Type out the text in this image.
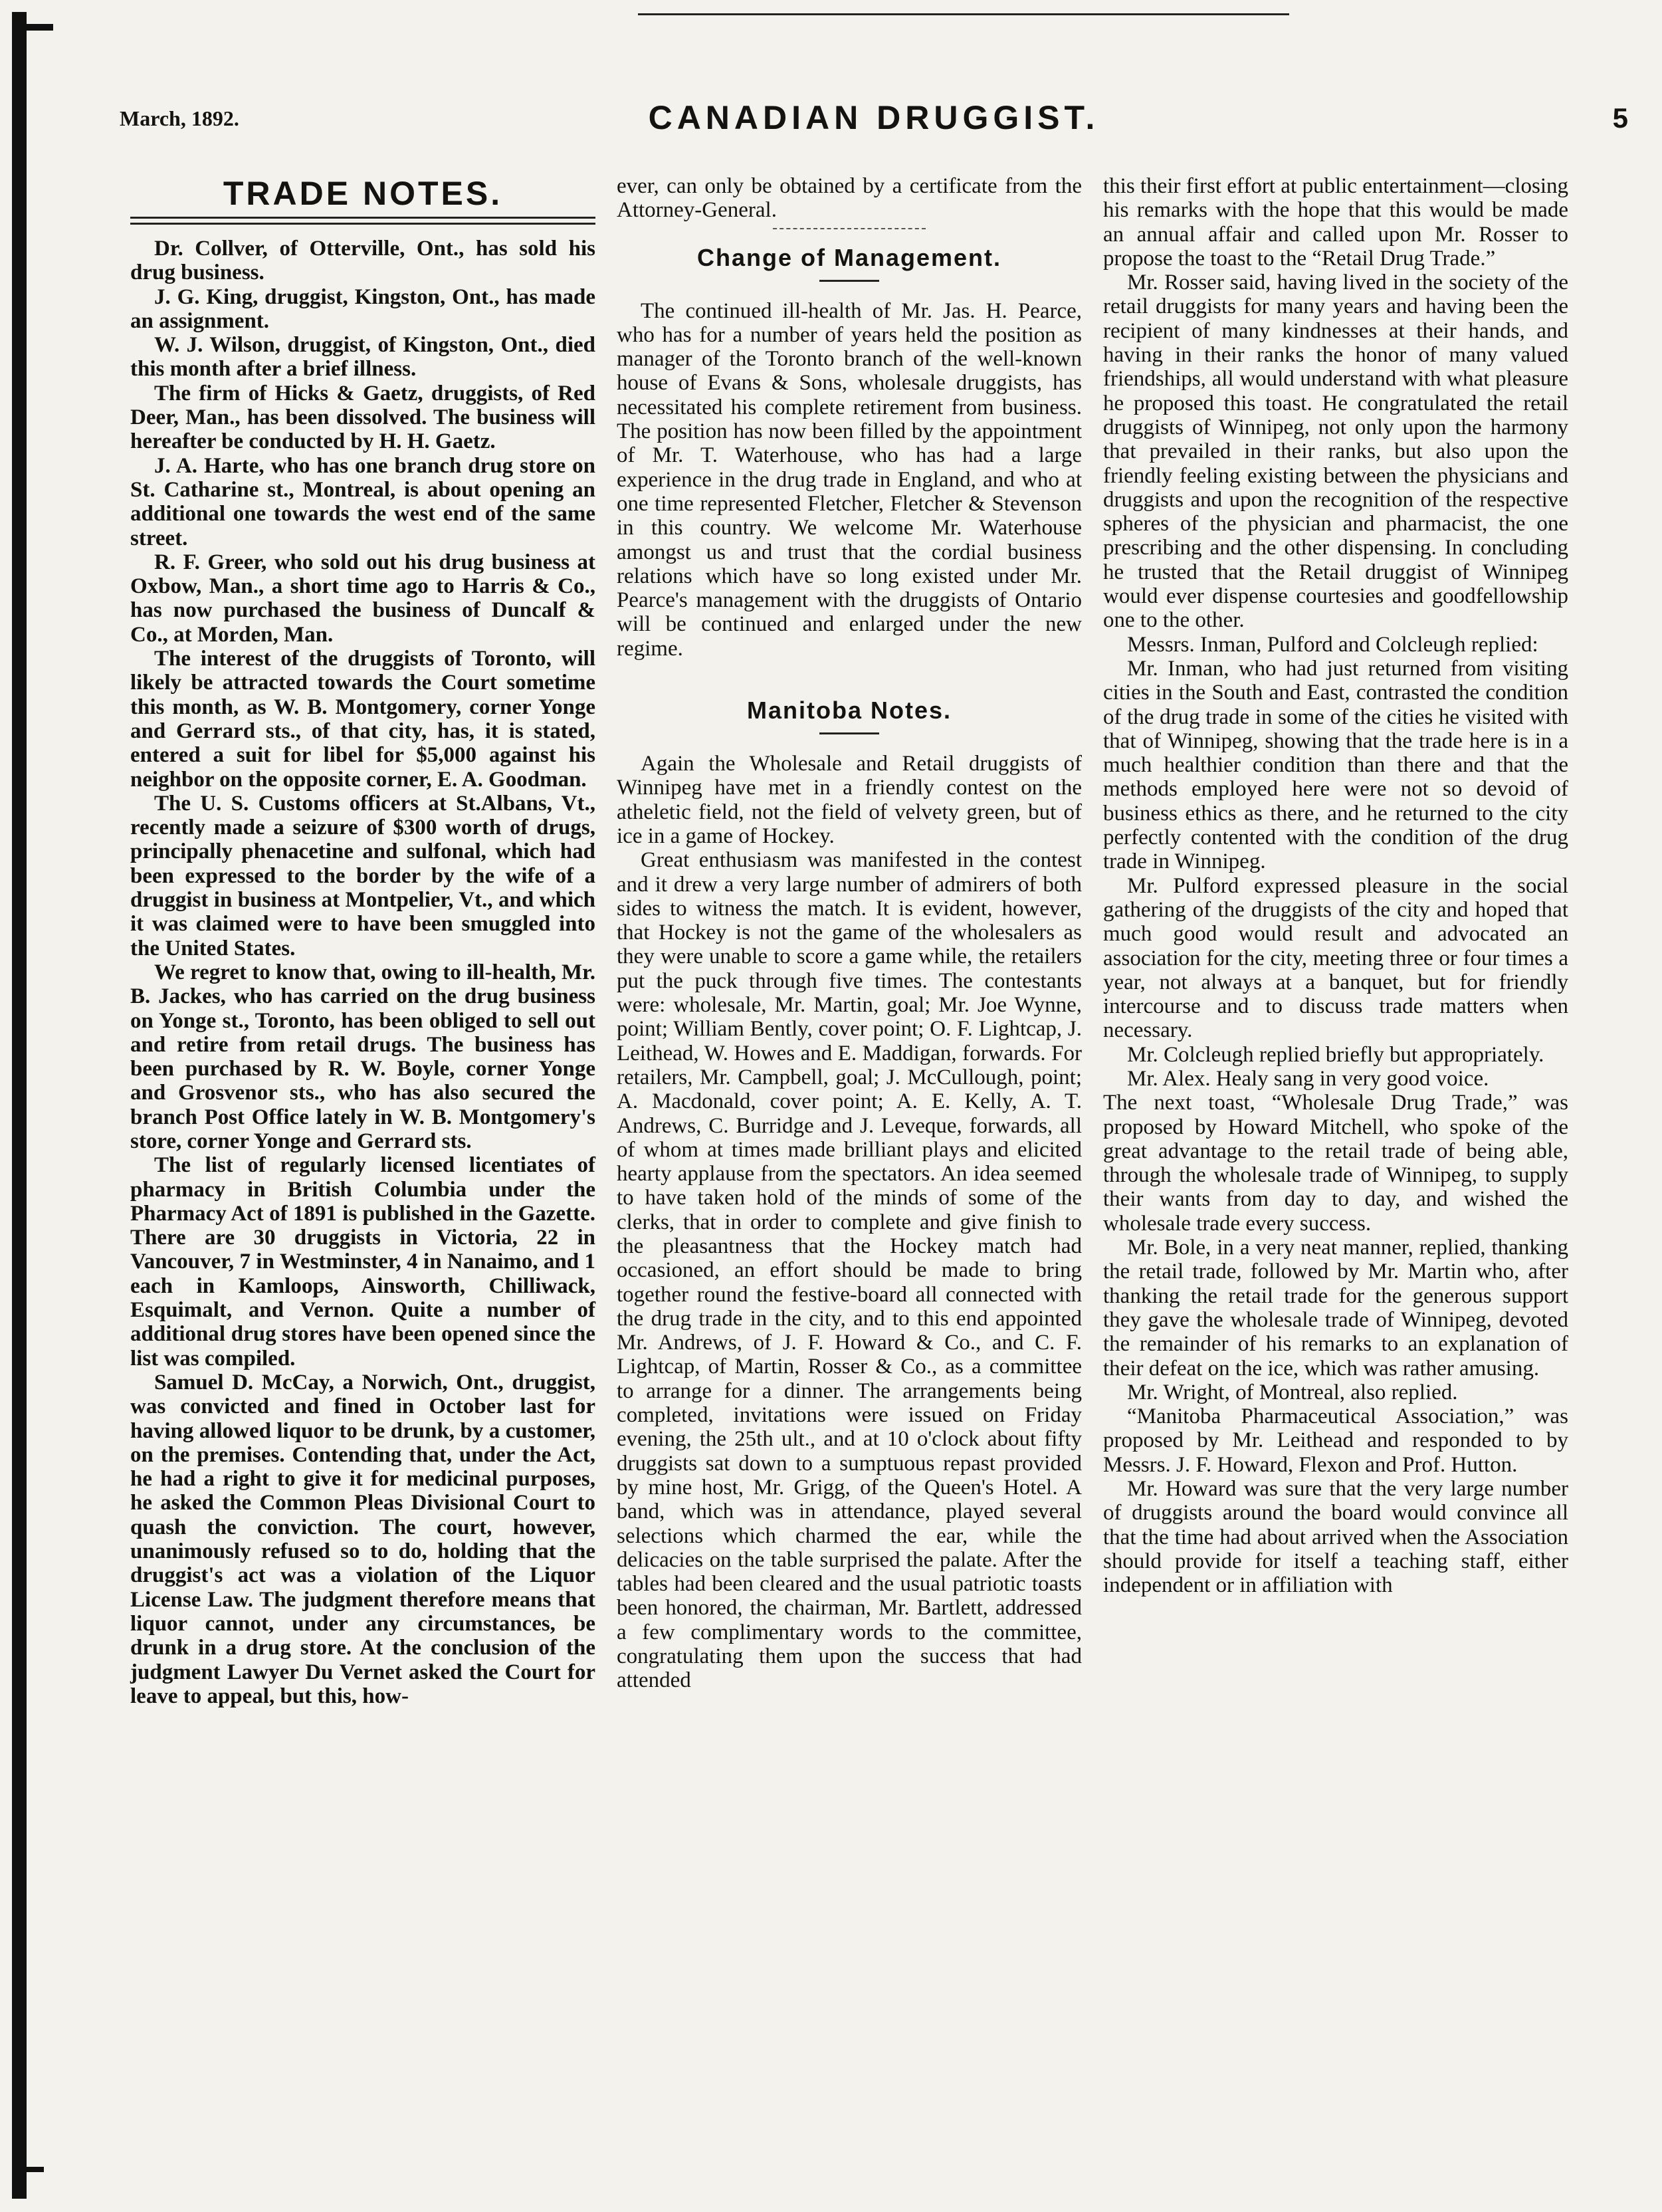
March, 1892.	CANADIAN DRUGGIST.	5
TRADE NOTES.

Dr. Collver, of Otterville, Ont., has sold his drug business.

J. G. King, druggist, Kingston, Ont., has made an assignment.

W. J. Wilson, druggist, of Kingston, Ont., died this month after a brief illness.

The firm of Hicks & Gaetz, druggists, of Red Deer, Man., has been dissolved. The business will hereafter be conducted by H. H. Gaetz.

J. A. Harte, who has one branch drug store on St. Catharine st., Montreal, is about opening an additional one towards the west end of the same street.

R. F. Greer, who sold out his drug business at Oxbow, Man., a short time ago to Harris & Co., has now purchased the business of Duncalf & Co., at Morden, Man.

The interest of the druggists of Toronto, will likely be attracted towards the Court sometime this month, as W. B. Montgomery, corner Yonge and Gerrard sts., of that city, has, it is stated, entered a suit for libel for $5,000 against his neighbor on the opposite corner, E. A. Goodman.

The U. S. Customs officers at St.Albans, Vt., recently made a seizure of $300 worth of drugs, principally phenacetine and sulfonal, which had been expressed to the border by the wife of a druggist in business at Montpelier, Vt., and which it was claimed were to have been smuggled into the United States.

We regret to know that, owing to ill-health, Mr. B. Jackes, who has carried on the drug business on Yonge st., Toronto, has been obliged to sell out and retire from retail drugs. The business has been purchased by R. W. Boyle, corner Yonge and Grosvenor sts., who has also secured the branch Post Office lately in W. B. Montgomery's store, corner Yonge and Gerrard sts.

The list of regularly licensed licentiates of pharmacy in British Columbia under the Pharmacy Act of 1891 is published in the Gazette. There are 30 druggists in Victoria, 22 in Vancouver, 7 in Westminster, 4 in Nanaimo, and 1 each in Kamloops, Ainsworth, Chilliwack, Esquimalt, and Vernon. Quite a number of additional drug stores have been opened since the list was compiled.

Samuel D. McCay, a Norwich, Ont., druggist, was convicted and fined in October last for having allowed liquor to be drunk, by a customer, on the premises. Contending that, under the Act, he had a right to give it for medicinal purposes, he asked the Common Pleas Divisional Court to quash the conviction. The court, however, unanimously refused so to do, holding that the druggist's act was a violation of the Liquor License Law. The judgment therefore means that liquor cannot, under any circumstances, be drunk in a drug store. At the conclusion of the judgment Lawyer Du Vernet asked the Court for leave to appeal, but this, how-

ever, can only be obtained by a certificate from the Attorney-General.

Change of Management.

The continued ill-health of Mr. Jas. H. Pearce, who has for a number of years held the position as manager of the Toronto branch of the well-known house of Evans & Sons, wholesale druggists, has necessitated his complete retirement from business. The position has now been filled by the appointment of Mr. T. Waterhouse, who has had a large experience in the drug trade in England, and who at one time represented Fletcher, Fletcher & Stevenson in this country. We welcome Mr. Waterhouse amongst us and trust that the cordial business relations which have so long existed under Mr. Pearce's management with the druggists of Ontario will be continued and enlarged under the new regime.

Manitoba Notes.

Again the Wholesale and Retail druggists of Winnipeg have met in a friendly contest on the atheletic field, not the field of velvety green, but of ice in a game of Hockey.

Great enthusiasm was manifested in the contest and it drew a very large number of admirers of both sides to witness the match. It is evident, however, that Hockey is not the game of the wholesalers as they were unable to score a game while, the retailers put the puck through five times. The contestants were: wholesale, Mr. Martin, goal; Mr. Joe Wynne, point; William Bently, cover point; O. F. Lightcap, J. Leithead, W. Howes and E. Maddigan, forwards. For retailers, Mr. Campbell, goal; J. McCullough, point; A. Macdonald, cover point; A. E. Kelly, A. T. Andrews, C. Burridge and J. Leveque, forwards, all of whom at times made brilliant plays and elicited hearty applause from the spectators. An idea seemed to have taken hold of the minds of some of the clerks, that in order to complete and give finish to the pleasantness that the Hockey match had occasioned, an effort should be made to bring together round the festive-board all connected with the drug trade in the city, and to this end appointed Mr. Andrews, of J. F. Howard & Co., and C. F. Lightcap, of Martin, Rosser & Co., as a committee to arrange for a dinner. The arrangements being completed, invitations were issued on Friday evening, the 25th ult., and at 10 o'clock about fifty druggists sat down to a sumptuous repast provided by mine host, Mr. Grigg, of the Queen's Hotel. A band, which was in attendance, played several selections which charmed the ear, while the delicacies on the table surprised the palate. After the tables had been cleared and the usual patriotic toasts been honored, the chairman, Mr. Bartlett, addressed a few complimentary words to the committee, congratulating them upon the success that had attended

this their first effort at public entertainment—closing his remarks with the hope that this would be made an annual affair and called upon Mr. Rosser to propose the toast to the “Retail Drug Trade.”

Mr. Rosser said, having lived in the society of the retail druggists for many years and having been the recipient of many kindnesses at their hands, and having in their ranks the honor of many valued friendships, all would understand with what pleasure he proposed this toast. He congratulated the retail druggists of Winnipeg, not only upon the harmony that prevailed in their ranks, but also upon the friendly feeling existing between the physicians and druggists and upon the recognition of the respective spheres of the physician and pharmacist, the one prescribing and the other dispensing. In concluding he trusted that the Retail druggist of Winnipeg would ever dispense courtesies and goodfellowship one to the other.

Messrs. Inman, Pulford and Colcleugh replied:

Mr. Inman, who had just returned from visiting cities in the South and East, contrasted the condition of the drug trade in some of the cities he visited with that of Winnipeg, showing that the trade here is in a much healthier condition than there and that the methods employed here were not so devoid of business ethics as there, and he returned to the city perfectly contented with the condition of the drug trade in Winnipeg.

Mr. Pulford expressed pleasure in the social gathering of the druggists of the city and hoped that much good would result and advocated an association for the city, meeting three or four times a year, not always at a banquet, but for friendly intercourse and to discuss trade matters when necessary.

Mr. Colcleugh replied briefly but appropriately.

Mr. Alex. Healy sang in very good voice.

The next toast, “Wholesale Drug Trade,” was proposed by Howard Mitchell, who spoke of the great advantage to the retail trade of being able, through the wholesale trade of Winnipeg, to supply their wants from day to day, and wished the wholesale trade every success.

Mr. Bole, in a very neat manner, replied, thanking the retail trade, followed by Mr. Martin who, after thanking the retail trade for the generous support they gave the wholesale trade of Winnipeg, devoted the remainder of his remarks to an explanation of their defeat on the ice, which was rather amusing.

Mr. Wright, of Montreal, also replied.

“Manitoba Pharmaceutical Association,” was proposed by Mr. Leithead and responded to by Messrs. J. F. Howard, Flexon and Prof. Hutton.

Mr. Howard was sure that the very large number of druggists around the board would convince all that the time had about arrived when the Association should provide for itself a teaching staff, either independent or in affiliation with
